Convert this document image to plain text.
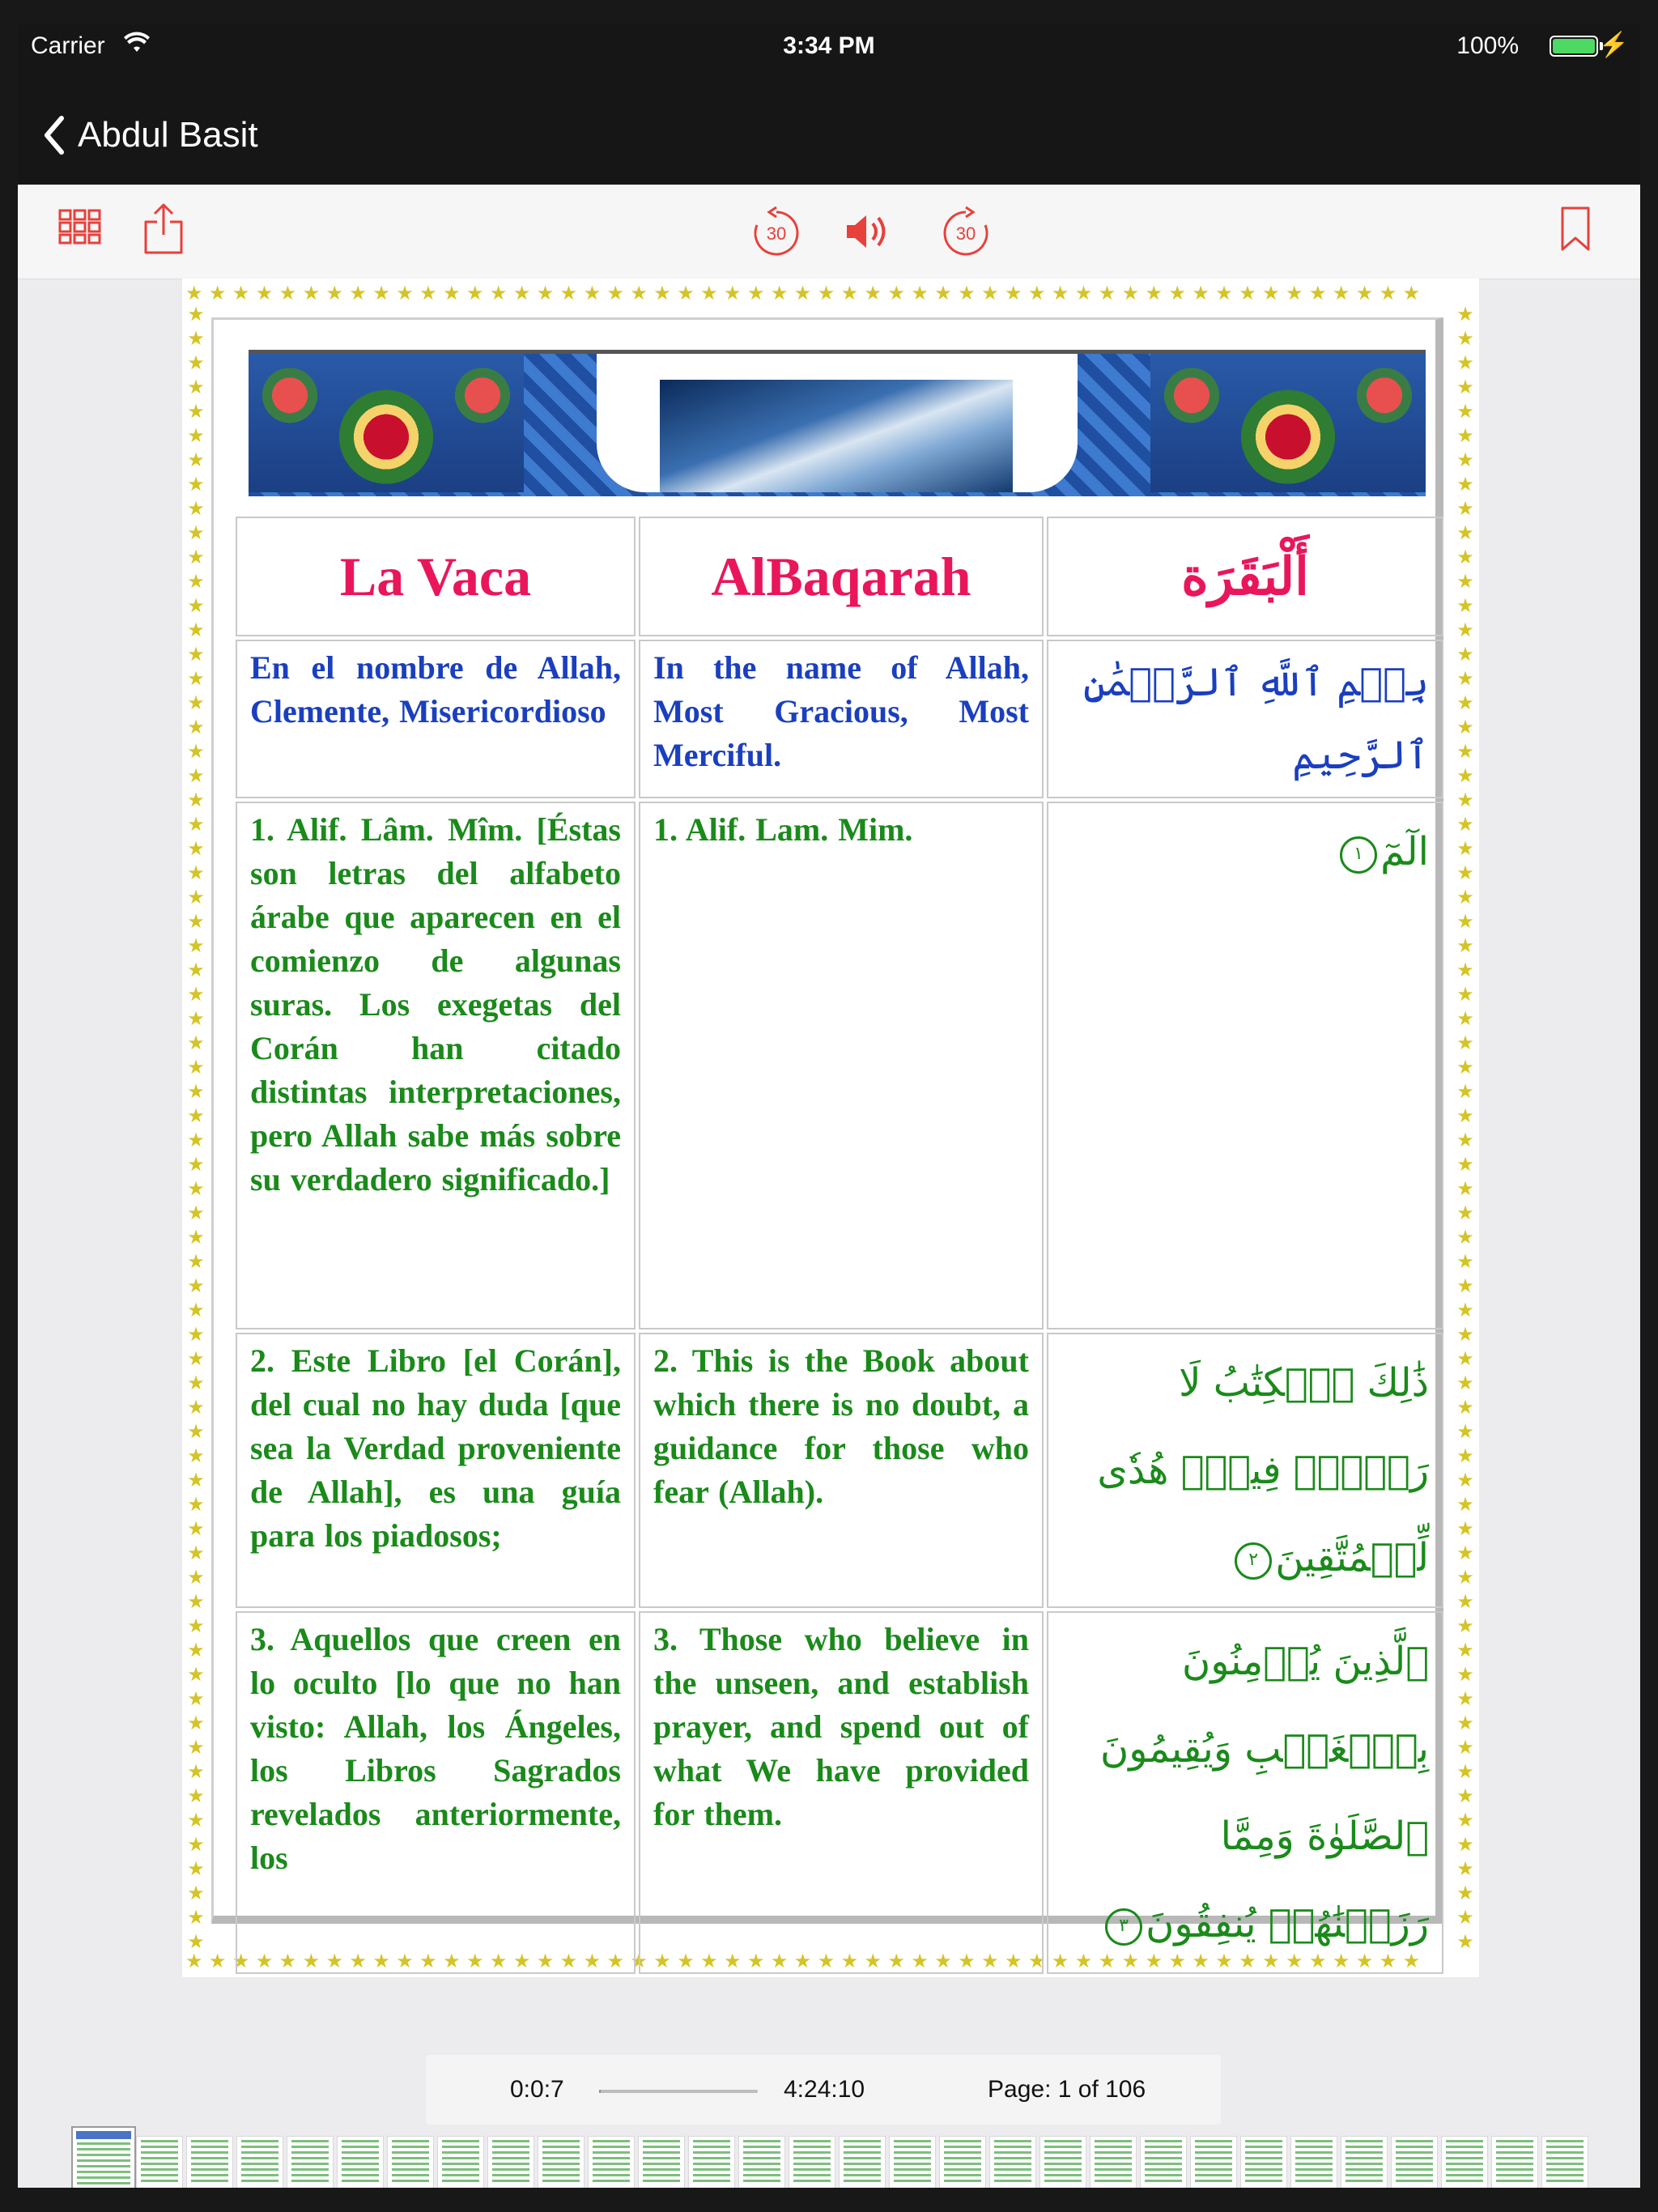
Carrier	3:34 PM	100%	⚡
Abdul Basit
30	30
★★★★★★★★★★★★★★★★★★★★★★★★★★★★★★★★★★★★★★★★★★★★★★★★★★★★★
★★★★★★★★★★★★★★★★★★★★★★★★★★★★★★★★★★★★★★★★★★★★★★★★★★★★★
★ ★ ★ ★ ★ ★ ★ ★ ★ ★ ★ ★ ★ ★ ★ ★ ★ ★ ★ ★ ★ ★ ★ ★ ★ ★ ★ ★ ★ ★ ★ ★ ★ ★ ★ ★ ★ ★ ★ ★ ★ ★ ★ ★ ★ ★ ★ ★ ★ ★ ★ ★ ★ ★ ★ ★ ★ ★ ★ ★ ★ ★ ★ ★ ★ ★ ★ ★
★ ★ ★ ★ ★ ★ ★ ★ ★ ★ ★ ★ ★ ★ ★ ★ ★ ★ ★ ★ ★ ★ ★ ★ ★ ★ ★ ★ ★ ★ ★ ★ ★ ★ ★ ★ ★ ★ ★ ★ ★ ★ ★ ★ ★ ★ ★ ★ ★ ★ ★ ★ ★ ★ ★ ★ ★ ★ ★ ★ ★ ★ ★ ★ ★ ★ ★ ★
La Vaca	AlBaqarah	أَلْبَقَرَة
En el nombre de Allah, Clemente, Misericordioso	In the name of Allah, Most Gracious, Most Merciful.	بِسۡمِ ٱللَّهِ ٱلرَّحۡمَٰنِ ٱلرَّحِيمِ
1. Alif. Lâm. Mîm. [Éstas son letras del alfabeto árabe que aparecen en el comienzo de algunas suras. Los exegetas del Corán han citado distintas interpretaciones, pero Allah sabe más sobre su verdadero significado.]	1. Alif. Lam. Mim.	الٓمٓ١
2. Este Libro [el Corán], del cual no hay duda [que sea la Verdad proveniente de Allah], es una guía para los piadosos;	2. This is the Book about which there is no doubt, a guidance for those who fear (Allah).	ذَٰلِكَ ٱلۡكِتَٰبُ لَا رَيۡبَۛ فِيهِۛ هُدٗى لِّلۡمُتَّقِينَ٢
3. Aquellos que creen en lo oculto [lo que no han visto: Allah, los Ángeles, los Libros Sagrados revelados anteriormente, los	3. Those who believe in the unseen, and establish prayer, and spend out of what We have provided for them.	ٱلَّذِينَ يُؤۡمِنُونَ بِٱلۡغَيۡبِ وَيُقِيمُونَ ٱلصَّلَوٰةَ وَمِمَّا رَزَقۡنَٰهُمۡ يُنفِقُونَ٣
0:0:7	4:24:10	Page: 1 of 106
